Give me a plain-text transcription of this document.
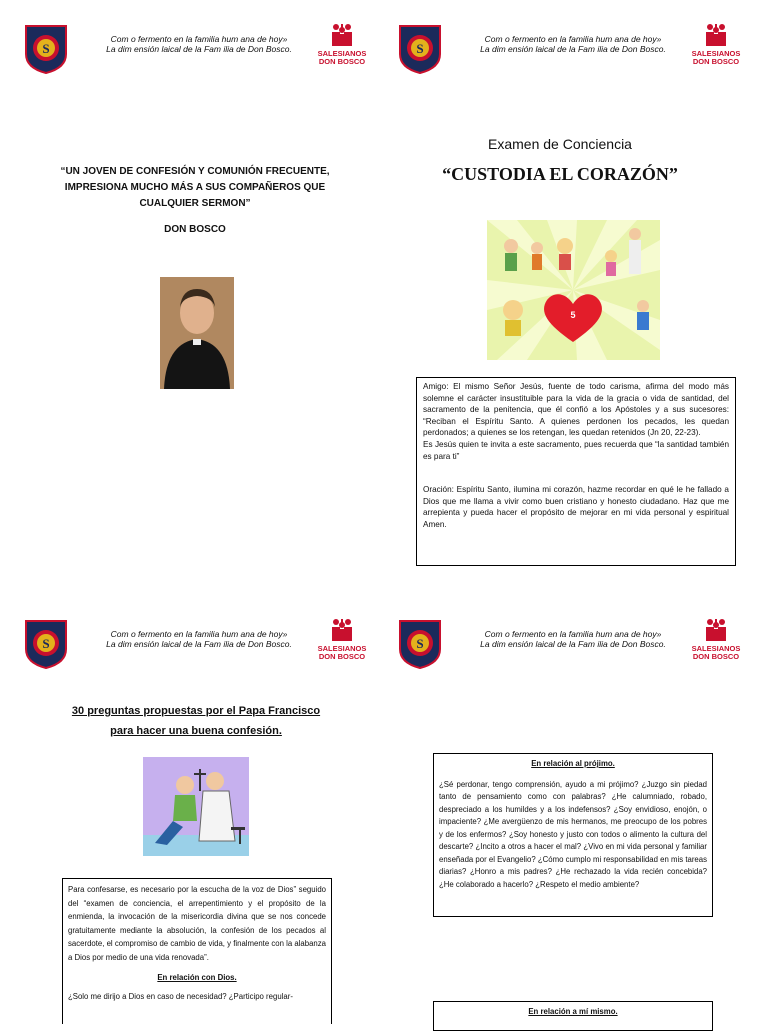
S
Com o fermento en la familia hum ana de hoy»
La dim ensión laical de la Fam ilia de Don Bosco.	SALESIANOS
DON BOSCO
S
Com o fermento en la familia hum ana de hoy»
La dim ensión laical de la Fam ilia de Don Bosco.	SALESIANOS
DON BOSCO
S
Com o fermento en la familia hum ana de hoy»
La dim ensión laical de la Fam ilia de Don Bosco.	SALESIANOS
DON BOSCO
S
Com o fermento en la familia hum ana de hoy»
La dim ensión laical de la Fam ilia de Don Bosco.	SALESIANOS
DON BOSCO
“UN JOVEN DE CONFESIÓN Y COMUNIÓN FRECUENTE, IMPRESIONA MUCHO MÁS A SUS COMPAÑEROS QUE CUALQUIER SERMON”
DON BOSCO
Examen de Conciencia
“CUSTODIA EL CORAZÓN”
5

Amigo: El mismo Señor Jesús, fuente de todo carisma, afirma del modo más solemne el carácter insustituible para la vida de la gracia o vida de santidad, del sacramento de la penitencia, que él confió a los Apóstoles y a sus sucesores: “Reciban el Espíritu Santo. A quienes perdonen los pecados, les quedan perdonados; a quienes se los retengan, les quedan retenidos (Jn 20, 22-23).

Es Jesús quien te invita a este sacramento, pues recuerda que “la santidad también es para ti”

Oración: Espíritu Santo, ilumina mi corazón, hazme recordar en qué le he fallado a Dios que me llama a vivir como buen cristiano y honesto ciudadano. Haz que me arrepienta y pueda hacer el propósito de mejorar en mi vida personal y espiritual Amen.

30 preguntas propuestas por el Papa Francisco
para hacer una buena confesión.

Para confesarse, es necesario por la escucha de la voz de Dios” seguido del “examen de conciencia, el arrepentimiento y el propósito de la enmienda, la invocación de la misericordia divina que se nos concede gratuitamente mediante la absolución, la confesión de los pecados al sacerdote, el compromiso de cambio de vida, y finalmente con la alabanza a Dios por medio de una vida renovada”.

En relación con Dios.

¿Solo me dirijo a Dios en caso de necesidad? ¿Participo regular-

En relación al prójimo.

¿Sé perdonar, tengo comprensión, ayudo a mi prójimo? ¿Juzgo sin piedad tanto de pensamiento como con palabras? ¿He calumniado, robado, despreciado a los humildes y a los indefensos? ¿Soy envidioso, enojón, o impaciente? ¿Me avergüenzo de mis hermanos, me preocupo de los pobres y de los enfermos? ¿Soy honesto y justo con todos o alimento la cultura del descarte? ¿Incito a otros a hacer el mal? ¿Vivo en mi vida personal y familiar enseñada por el Evangelio? ¿Cómo cumplo mi responsabilidad en mis tareas diarias? ¿Honro a mis padres? ¿He rechazado la vida recién concebida? ¿He colaborado a hacerlo? ¿Respeto el medio ambiente?

En relación a mí mismo.
